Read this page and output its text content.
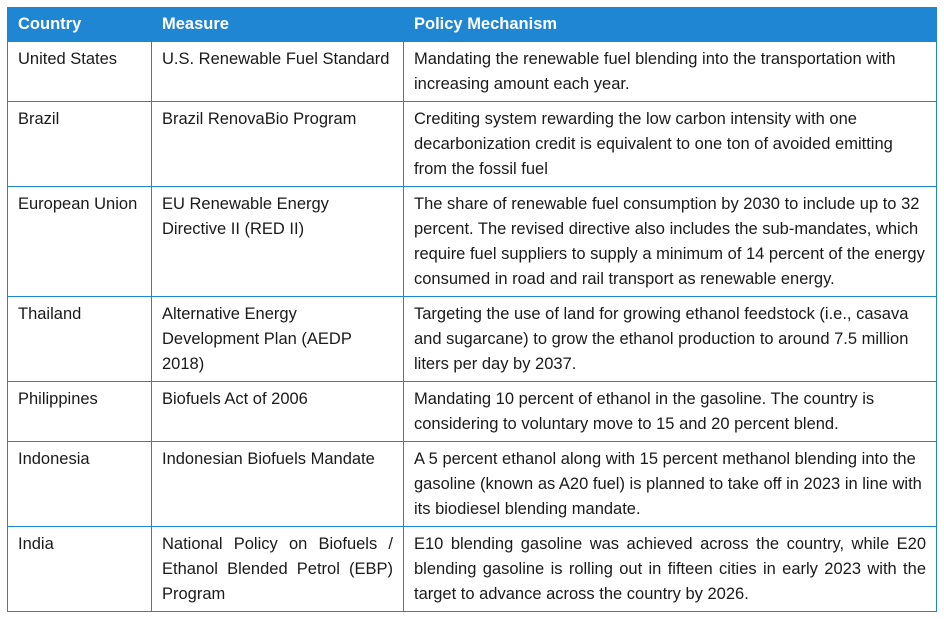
Country	Measure	Policy Mechanism
United States	U.S. Renewable Fuel Standard	Mandating the renewable fuel blending into the transportation with increasing amount each year.
Brazil	Brazil RenovaBio Program	Crediting system rewarding the low carbon intensity with one decarbonization credit is equivalent to one ton of avoided emitting from the fossil fuel
European Union	EU Renewable Energy Directive II (RED II)	The share of renewable fuel consumption by 2030 to include up to 32 percent. The revised directive also includes the sub-mandates, which require fuel suppliers to supply a minimum of 14 percent of the energy consumed in road and rail transport as renewable energy.
Thailand	Alternative Energy Development Plan (AEDP 2018)	Targeting the use of land for growing ethanol feedstock (i.e., casava and sugarcane) to grow the ethanol production to around 7.5 million liters per day by 2037.
Philippines	Biofuels Act of 2006	Mandating 10 percent of ethanol in the gasoline. The country is considering to voluntary move to 15 and 20 percent blend.
Indonesia	Indonesian Biofuels Mandate	A 5 percent ethanol along with 15 percent methanol blending into the gasoline (known as A20 fuel) is planned to take off in 2023 in line with its biodiesel blending mandate.
India	National Policy on Biofuels / Ethanol Blended Petrol (EBP) Program	E10 blending gasoline was achieved across the country, while E20 blending gasoline is rolling out in fifteen cities in early 2023 with the target to advance across the country by 2026.
